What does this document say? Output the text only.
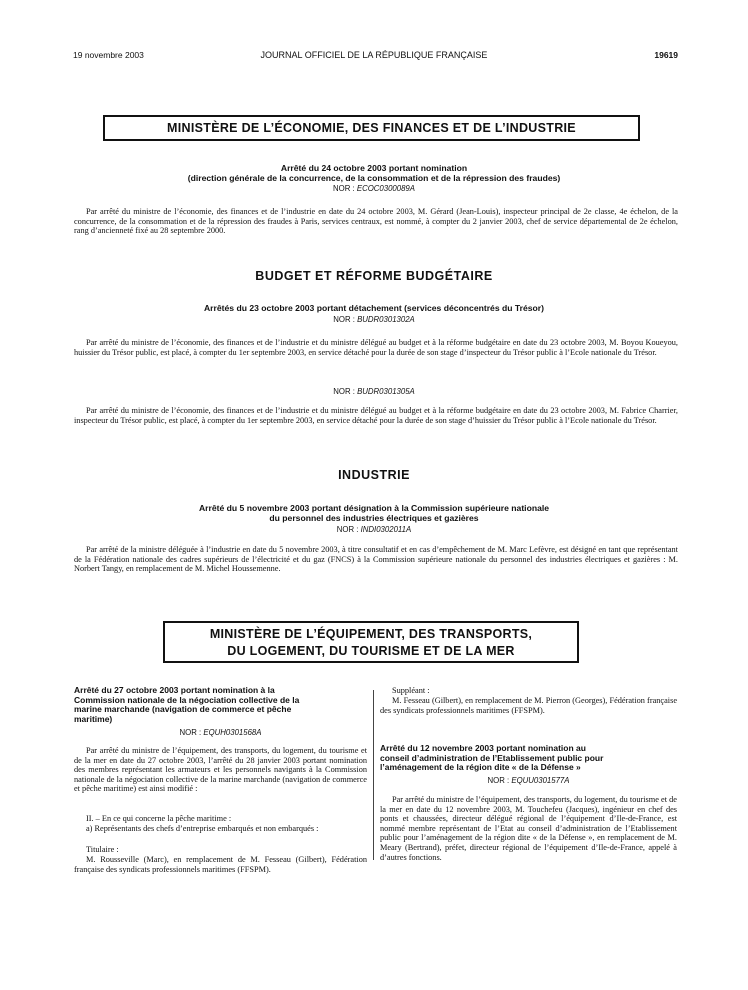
19 novembre 2003	JOURNAL OFFICIEL DE LA RÉPUBLIQUE FRANÇAISE	19619
MINISTÈRE DE L’ÉCONOMIE, DES FINANCES ET DE L’INDUSTRIE
Arrêté du 24 octobre 2003 portant nomination
(direction générale de la concurrence, de la consommation et de la répression des fraudes)
NOR : ECOC0300089A
Par arrêté du ministre de l’économie, des finances et de l’industrie en date du 24 octobre 2003, M. Gérard (Jean-Louis), inspecteur principal de 2e classe, 4e échelon, de la concurrence, de la consommation et de la répression des fraudes à Paris, services centraux, est nommé, à compter du 2 janvier 2003, chef de service départemental de 2e échelon, rang d’ancienneté fixé au 28 septembre 2000.
BUDGET ET RÉFORME BUDGÉTAIRE
Arrêtés du 23 octobre 2003 portant détachement (services déconcentrés du Trésor)
NOR : BUDR0301302A
Par arrêté du ministre de l’économie, des finances et de l’industrie et du ministre délégué au budget et à la réforme budgétaire en date du 23 octobre 2003, M. Boyou Koueyou, huissier du Trésor public, est placé, à compter du 1er septembre 2003, en service détaché pour la durée de son stage d’inspecteur du Trésor public à l’Ecole nationale du Trésor.
NOR : BUDR0301305A
Par arrêté du ministre de l’économie, des finances et de l’industrie et du ministre délégué au budget et à la réforme budgétaire en date du 23 octobre 2003, M. Fabrice Charrier, inspecteur du Trésor public, est placé, à compter du 1er septembre 2003, en service détaché pour la durée de son stage d’huissier du Trésor public à l’Ecole nationale du Trésor.
INDUSTRIE
Arrêté du 5 novembre 2003 portant désignation à la Commission supérieure nationale
du personnel des industries électriques et gazières
NOR : INDI0302011A
Par arrêté de la ministre déléguée à l’industrie en date du 5 novembre 2003, à titre consultatif et en cas d’empêchement de M. Marc Lefèvre, est désigné en tant que représentant de la Fédération nationale des cadres supérieurs de l’électricité et du gaz (FNCS) à la Commission supérieure nationale du personnel des industries électriques et gazières : M. Norbert Tangy, en remplacement de M. Michel Houssemenne.
MINISTÈRE DE L’ÉQUIPEMENT, DES TRANSPORTS,
DU LOGEMENT, DU TOURISME ET DE LA MER
Arrêté du 27 octobre 2003 portant nomination à la
Commission nationale de la négociation collective de la
marine marchande (navigation de commerce et pêche
maritime)
NOR : EQUH0301568A
Par arrêté du ministre de l’équipement, des transports, du logement, du tourisme et de la mer en date du 27 octobre 2003, l’arrêté du 28 janvier 2003 portant nomination des membres représentant les armateurs et les personnels navigants à la Commission nationale de la négociation collective de la marine marchande (navigation de commerce et pêche maritime) est ainsi modifié :
II. – En ce qui concerne la pêche maritime :
a) Représentants des chefs d’entreprise embarqués et non embarqués :
Titulaire :
M. Rousseville (Marc), en remplacement de M. Fesseau (Gilbert), Fédération française des syndicats professionnels maritimes (FFSPM).
Suppléant :
M. Fesseau (Gilbert), en remplacement de M. Pierron (Georges), Fédération française des syndicats professionnels maritimes (FFSPM).
Arrêté du 12 novembre 2003 portant nomination au
conseil d’administration de l’Etablissement public pour
l’aménagement de la région dite « de la Défense »
NOR : EQUU0301577A
Par arrêté du ministre de l’équipement, des transports, du logement, du tourisme et de la mer en date du 12 novembre 2003, M. Touchefeu (Jacques), ingénieur en chef des ponts et chaussées, directeur délégué régional de l’équipement d’Ile-de-France, est nommé membre représentant de l’Etat au conseil d’administration de l’Etablissement public pour l’aménagement de la région dite « de la Défense », en remplacement de M. Meary (Bertrand), préfet, directeur régional de l’équipement d’Ile-de-France, appelé à d’autres fonctions.
